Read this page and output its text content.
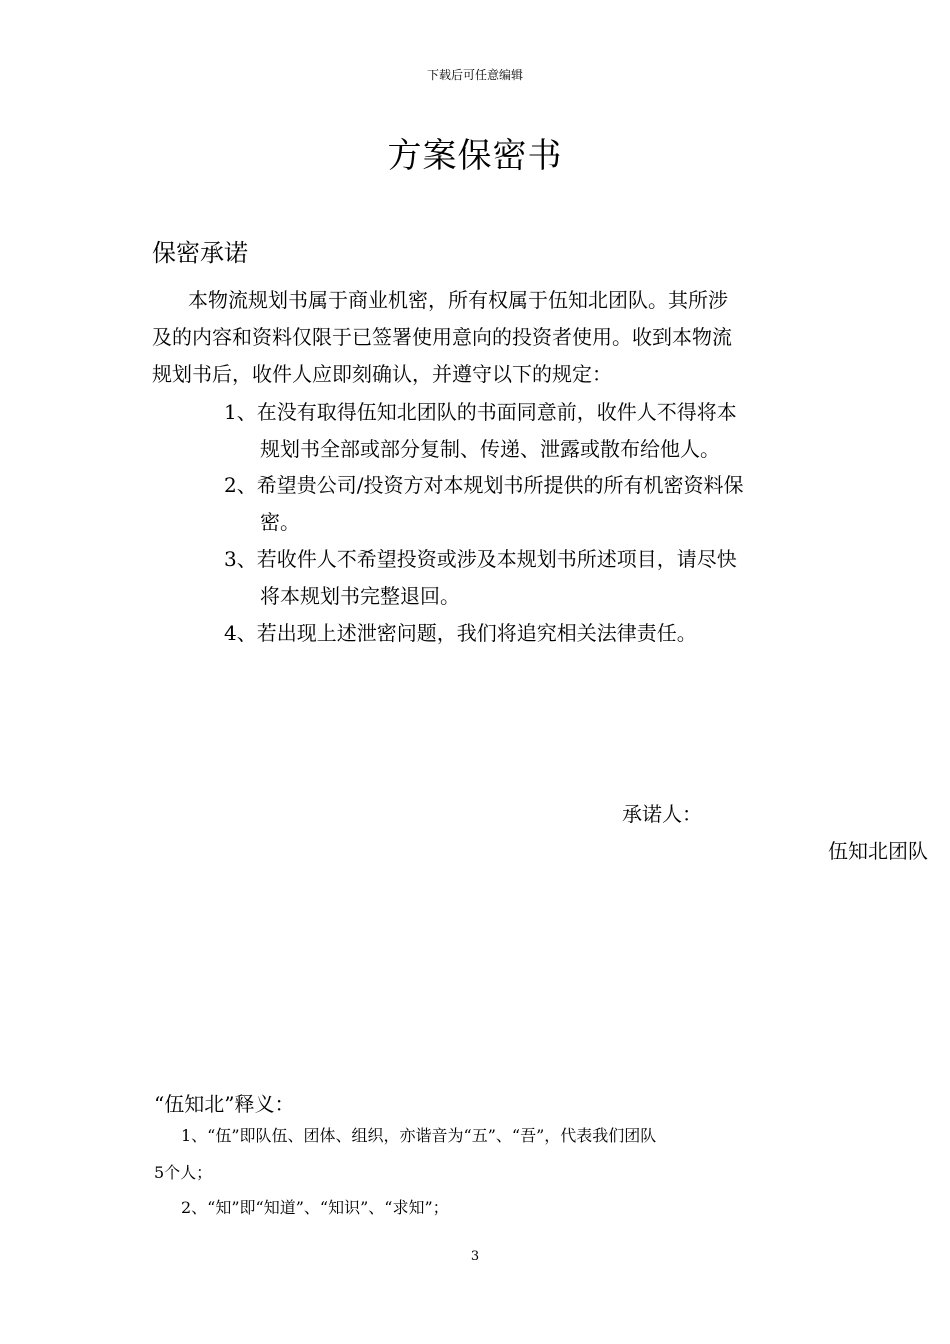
下载后可任意编辑
方案保密书
保密承诺
本物流规划书属于商业机密，所有权属于伍知北团队。其所涉
及的内容和资料仅限于已签署使用意向的投资者使用。收到本物流
规划书后，收件人应即刻确认，并遵守以下的规定：
1、在没有取得伍知北团队的书面同意前，收件人不得将本
规划书全部或部分复制、传递、泄露或散布给他人。
2、希望贵公司/投资方对本规划书所提供的所有机密资料保
密。
3、若收件人不希望投资或涉及本规划书所述项目，请尽快
将本规划书完整退回。
4、若出现上述泄密问题，我们将追究相关法律责任。
承诺人：
伍知北团队
“伍知北”释义：
1、“伍”即队伍、团体、组织，亦谐音为“五”、“吾”，代表我们团队
5个人；
2、“知”即“知道”、“知识”、“求知”；
3
